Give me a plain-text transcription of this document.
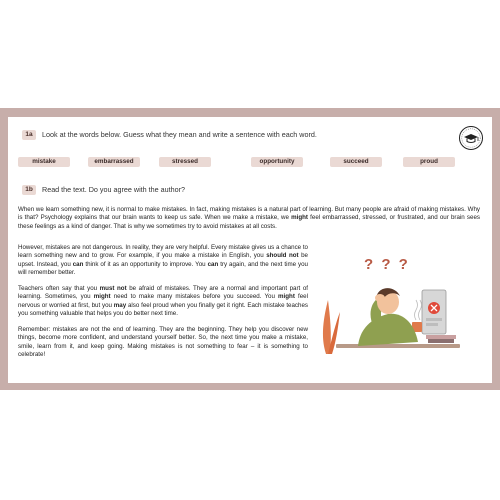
1a	Look at the words below. Guess what they mean and write a sentence with each word.
mistake	embarrassed	stressed	opportunity	succeed	proud
1b	Read the text. Do you agree with the author?

When we learn something new, it is normal to make mistakes. In fact, making mistakes is a natural part of learning. But many people are afraid of making mistakes. Why is that? Psychology explains that our brain wants to keep us safe. When we make a mistake, we might feel embarrassed, stressed, or frustrated, and our brain sees these feelings as a kind of danger. That is why we sometimes try to avoid mistakes at all costs.

However, mistakes are not dangerous. In reality, they are very helpful. Every mistake gives us a chance to learn something new and to grow. For example, if you make a mistake in English, you should not be upset. Instead, you can think of it as an opportunity to improve. You can try again, and the next time you will remember better.

Teachers often say that you must not be afraid of mistakes. They are a normal and important part of learning. Sometimes, you might need to make many mistakes before you succeed. You might feel nervous or worried at first, but you may also feel proud when you finally get it right. Each mistake teaches you something valuable that helps you do better next time.

Remember: mistakes are not the end of learning. They are the beginning. They help you discover new things, become more confident, and understand yourself better. So, the next time you make a mistake, smile, learn from it, and keep going. Making mistakes is not something to fear – it is something to celebrate!

? ? ?
